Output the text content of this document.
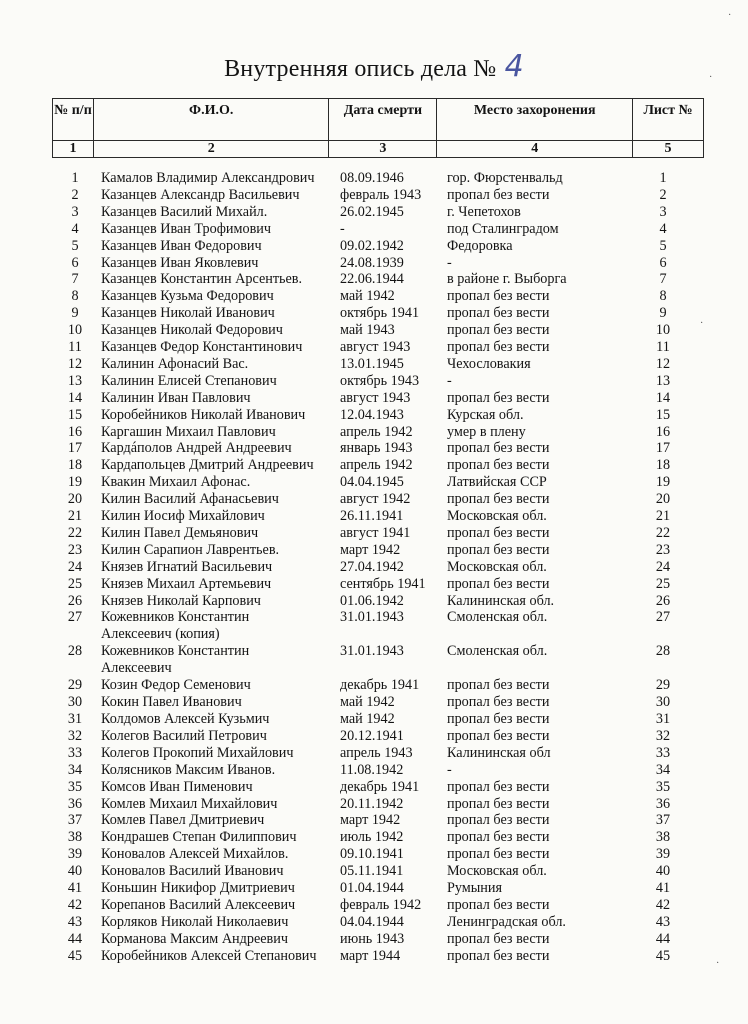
Внутренняя опись дела № 4
№ п/п	Ф.И.О.	Дата смерти	Место захоронения	Лист №
1	2	3	4	5
1	Камалов Владимир Александрович 08.09.1946	гор. Фюрстенвальд	1
2	Казанцев Александр Васильевич	февраль 1943 пропал без вести	2
3	Казанцев Василий Михайл.	26.02.1945	г. Чепетохов	3
4	Казанцев Иван Трофимович	-	под Сталинградом	4
5	Казанцев Иван Федорович	09.02.1942	Федоровка	5
6	Казанцев Иван Яковлевич	24.08.1939	-	6
7	Казанцев Константин Арсентьев.	22.06.1944	в районе г. Выборга	7
8	Казанцев Кузьма Федорович	май 1942	пропал без вести	8
9	Казанцев Николай Иванович	октябрь 1941 пропал без вести	9
10	Казанцев Николай Федорович	май 1943	пропал без вести	10
11	Казанцев Федор Константинович	август 1943	пропал без вести	11
12	Калинин Афонасий Вас.	13.01.1945	Чехословакия	12
13	Калинин Елисей Степанович	октябрь 1943 -	13
14	Калинин Иван Павлович	август 1943	пропал без вести	14
15	Коробейников Николай Иванович 12.04.1943	Курская обл.	15
16	Каргашин Михаил Павлович	апрель 1942 умер в плену	16
17	Кардáполов Андрей Андреевич	январь 1943 пропал без вести	17
18	Кардапольцев Дмитрий Андреевич апрель 1942 пропал без вести	18
19	Квакин Михаил Афонас.	04.04.1945	Латвийская ССР	19
20	Килин Василий Афанасьевич	август 1942	пропал без вести	20
21	Килин Иосиф Михайлович	26.11.1941	Московская обл.	21
22	Килин Павел Демьянович	август 1941	пропал без вести	22
23	Килин Сарапион Лаврентьев.	март 1942	пропал без вести	23
24	Князев Игнатий Васильевич	27.04.1942	Московская обл.	24
25	Князев Михаил Артемьевич	сентябрь 1941 пропал без вести	25
26	Князев Николай Карпович	01.06.1942	Калининская обл.	26
27	Кожевников Константин	31.01.1943	Смоленская обл.	27
Алексеевич (копия)
28	Кожевников Константин	31.01.1943	Смоленская обл.	28
Алексеевич
29	Козин Федор Семенович	декабрь 1941 пропал без вести	29
30	Кокин Павел Иванович	май 1942	пропал без вести	30
31	Колдомов Алексей Кузьмич	май 1942	пропал без вести	31
32	Колегов Василий Петрович	20.12.1941	пропал без вести	32
33	Колегов Прокопий Михайлович	апрель 1943 Калининская обл	33
34	Колясников Максим Иванов.	11.08.1942	-	34
35	Комсов Иван Пименович	декабрь 1941 пропал без вести	35
36	Комлев Михаил Михайлович	20.11.1942	пропал без вести	36
37	Комлев Павел Дмитриевич	март 1942	пропал без вести	37
38	Кондрашев Степан Филиппович	июль 1942	пропал без вести	38
39	Коновалов Алексей Михайлов.	09.10.1941	пропал без вести	39
40	Коновалов Василий Иванович	05.11.1941	Московская обл.	40
41	Коньшин Никифор Дмитриевич	01.04.1944	Румыния	41
42	Корепанов Василий Алексеевич	февраль 1942 пропал без вести	42
43	Корляков Николай Николаевич	04.04.1944	Ленинградская обл.	43
44	Корманова Максим Андреевич	июнь 1943	пропал без вести	44
45	Коробейников Алексей Степанович март 1944	пропал без вести	45
·
·
·
·
